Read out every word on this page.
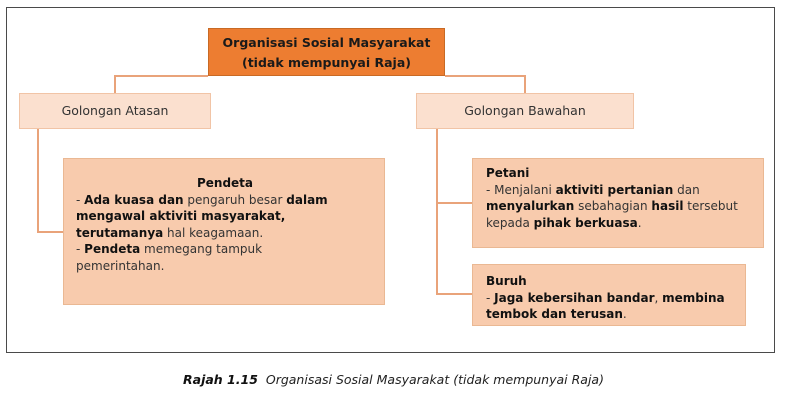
Organisasi Sosial Masyarakat
(tidak mempunyai Raja)
Golongan Atasan	Golongan Bawahan
Pendeta
- Ada kuasa dan pengaruh besar dalam
mengawal aktiviti masyarakat,
terutamanya hal keagamaan.
- Pendeta memegang tampuk
pemerintahan.
Petani
- Menjalani aktiviti pertanian dan
menyalurkan sebahagian hasil tersebut
kepada pihak berkuasa.
Buruh
- Jaga kebersihan bandar, membina
tembok dan terusan.
Rajah 1.15 Organisasi Sosial Masyarakat (tidak mempunyai Raja)
